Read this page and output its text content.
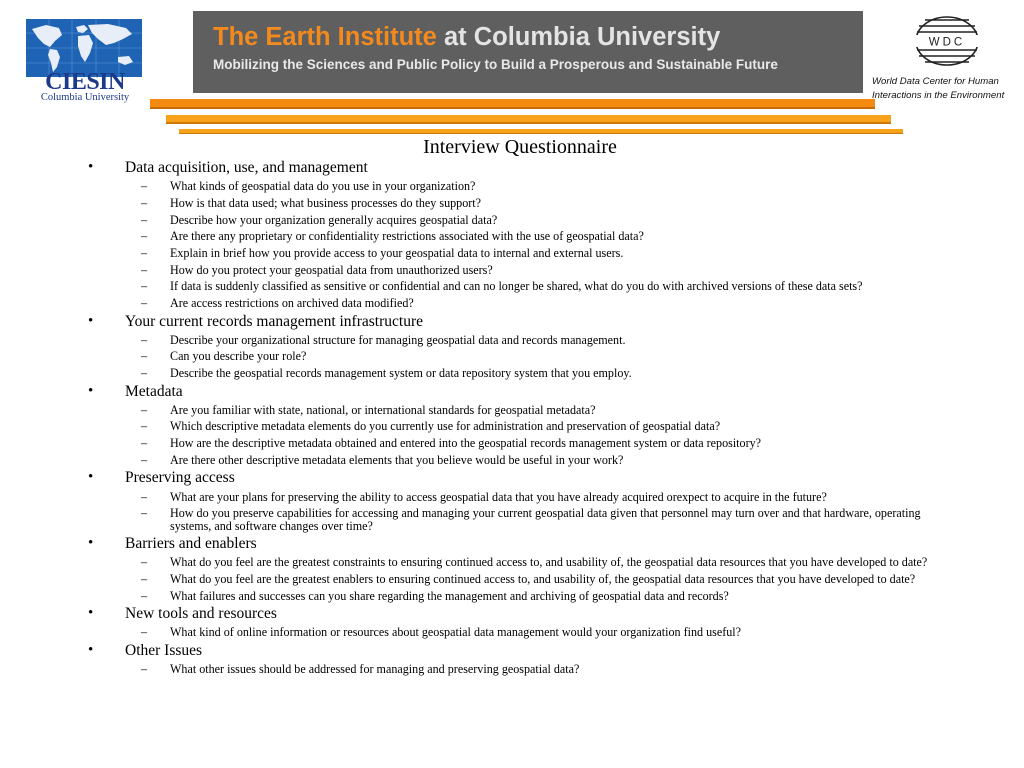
CIESIN
Columbia University
The Earth Institute at Columbia University
Mobilizing the Sciences and Public Policy to Build a Prosperous and Sustainable Future
WDC
World Data Center for Human
Interactions in the Environment
Interview Questionnaire
• Data acquisition, use, and management
– What kinds of geospatial data do you use in your organization?
– How is that data used; what business processes do they support?
– Describe how your organization generally acquires geospatial data?
– Are there any proprietary or confidentiality restrictions associated with the use of geospatial data?
– Explain in brief how you provide access to your geospatial data to internal and external users.
– How do you protect your geospatial data from unauthorized users?
– If data is suddenly classified as sensitive or confidential and can no longer be shared, what do you do with archived versions of these data sets?
– Are access restrictions on archived data modified?
• Your current records management infrastructure
– Describe your organizational structure for managing geospatial data and records management.
– Can you describe your role?
– Describe the geospatial records management system or data repository system that you employ.
• Metadata
– Are you familiar with state, national, or international standards for geospatial metadata?
– Which descriptive metadata elements do you currently use for administration and preservation of geospatial data?
– How are the descriptive metadata obtained and entered into the geospatial records management system or data repository?
– Are there other descriptive metadata elements that you believe would be useful in your work?
• Preserving access
– What are your plans for preserving the ability to access geospatial data that you have already acquired orexpect to acquire in the future?
– How do you preserve capabilities for accessing and managing your current geospatial data given that personnel may turn over and that hardware, operating systems, and software changes over time?
• Barriers and enablers
– What do you feel are the greatest constraints to ensuring continued access to, and usability of, the geospatial data resources that you have developed to date?
– What do you feel are the greatest enablers to ensuring continued access to, and usability of, the geospatial data resources that you have developed to date?
– What failures and successes can you share regarding the management and archiving of geospatial data and records?
• New tools and resources
– What kind of online information or resources about geospatial data management would your organization find useful?
• Other Issues
– What other issues should be addressed for managing and preserving geospatial data?
